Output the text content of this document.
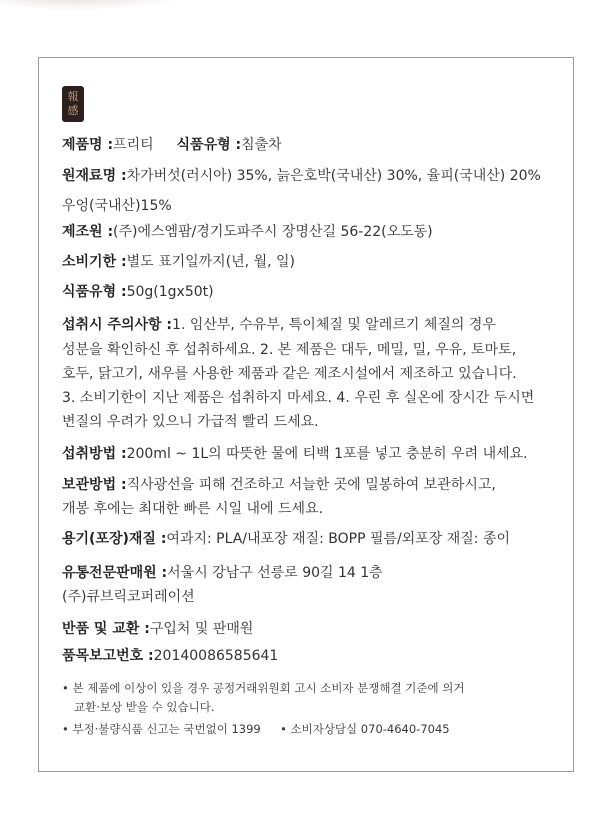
報
感
제품명 :프리티 식품유형 :침출차
원재료명 :차가버섯(러시아) 35%, 늙은호박(국내산) 30%, 율피(국내산) 20%
우엉(국내산)15%
제조원 :(주)에스엠팜/경기도파주시 장명산길 56-22(오도동)
소비기한 :별도 표기일까지(년, 월, 일)
식품유형 :50g(1gx50t)
섭취시 주의사항 :1. 임산부, 수유부, 특이체질 및 알레르기 체질의 경우
성분을 확인하신 후 섭취하세요. 2. 본 제품은 대두, 메밀, 밀, 우유, 토마토,
호두, 닭고기, 새우를 사용한 제품과 같은 제조시설에서 제조하고 있습니다.
3. 소비기한이 지난 제품은 섭취하지 마세요. 4. 우린 후 실온에 장시간 두시면
변질의 우려가 있으니 가급적 빨리 드세요.
섭취방법 :200ml ~ 1L의 따뜻한 물에 티백 1포를 넣고 충분히 우려 내세요.
보관방법 :직사광선을 피해 건조하고 서늘한 곳에 밀봉하여 보관하시고,
개봉 후에는 최대한 빠른 시일 내에 드세요.
용기(포장)재질 :여과지: PLA/내포장 재질: BOPP 필름/외포장 재질: 종이
유통전문판매원 :서울시 강남구 선릉로 90길 14 1층
(주)큐브릭코퍼레이션
반품 및 교환 :구입처 및 판매원
품목보고번호 :20140086585641
• 본 제품에 이상이 있을 경우 공정거래위원회 고시 소비자 분쟁해결 기준에 의거
교환·보상 받을 수 있습니다.
• 부정·불량식품 신고는 국번없이 1399 • 소비자상담실 070-4640-7045
